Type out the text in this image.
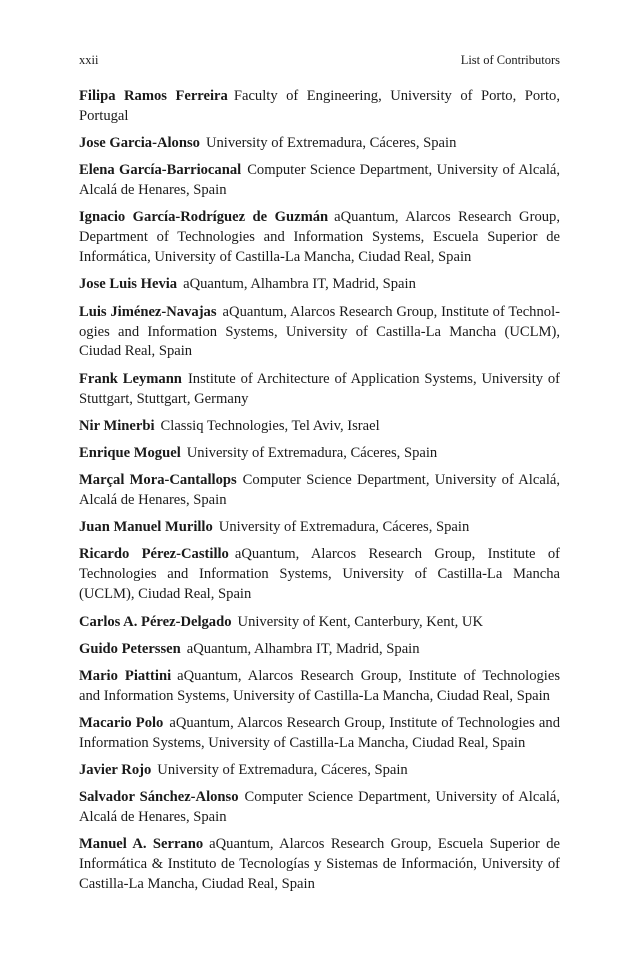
xxii	List of Contributors

Filipa Ramos Ferreira Faculty of Engineering, University of Porto, Porto, Portugal

Jose Garcia-Alonso University of Extremadura, Cáceres, Spain

Elena García-Barriocanal Computer Science Department, University of Alcalá, Alcalá de Henares, Spain

Ignacio García-Rodríguez de Guzmán aQuantum, Alarcos Research Group, Department of Technologies and Information Systems, Escuela Superior de Informática, University of Castilla-La Mancha, Ciudad Real, Spain

Jose Luis Hevia aQuantum, Alhambra IT, Madrid, Spain

Luis Jiménez-Navajas aQuantum, Alarcos Research Group, Institute of Technologies and Information Systems, University of Castilla-La Mancha (UCLM), Ciudad Real, Spain

Frank Leymann Institute of Architecture of Application Systems, University of Stuttgart, Stuttgart, Germany

Nir Minerbi Classiq Technologies, Tel Aviv, Israel

Enrique Moguel University of Extremadura, Cáceres, Spain

Marçal Mora-Cantallops Computer Science Department, University of Alcalá, Alcalá de Henares, Spain

Juan Manuel Murillo University of Extremadura, Cáceres, Spain

Ricardo Pérez-Castillo aQuantum, Alarcos Research Group, Institute of Technologies and Information Systems, University of Castilla-La Mancha (UCLM), Ciudad Real, Spain

Carlos A. Pérez-Delgado University of Kent, Canterbury, Kent, UK

Guido Peterssen aQuantum, Alhambra IT, Madrid, Spain

Mario Piattini aQuantum, Alarcos Research Group, Institute of Technologies and Information Systems, University of Castilla-La Mancha, Ciudad Real, Spain

Macario Polo aQuantum, Alarcos Research Group, Institute of Technologies and Information Systems, University of Castilla-La Mancha, Ciudad Real, Spain

Javier Rojo University of Extremadura, Cáceres, Spain

Salvador Sánchez-Alonso Computer Science Department, University of Alcalá, Alcalá de Henares, Spain

Manuel A. Serrano aQuantum, Alarcos Research Group, Escuela Superior de Informática & Instituto de Tecnologías y Sistemas de Información, University of Castilla-La Mancha, Ciudad Real, Spain
